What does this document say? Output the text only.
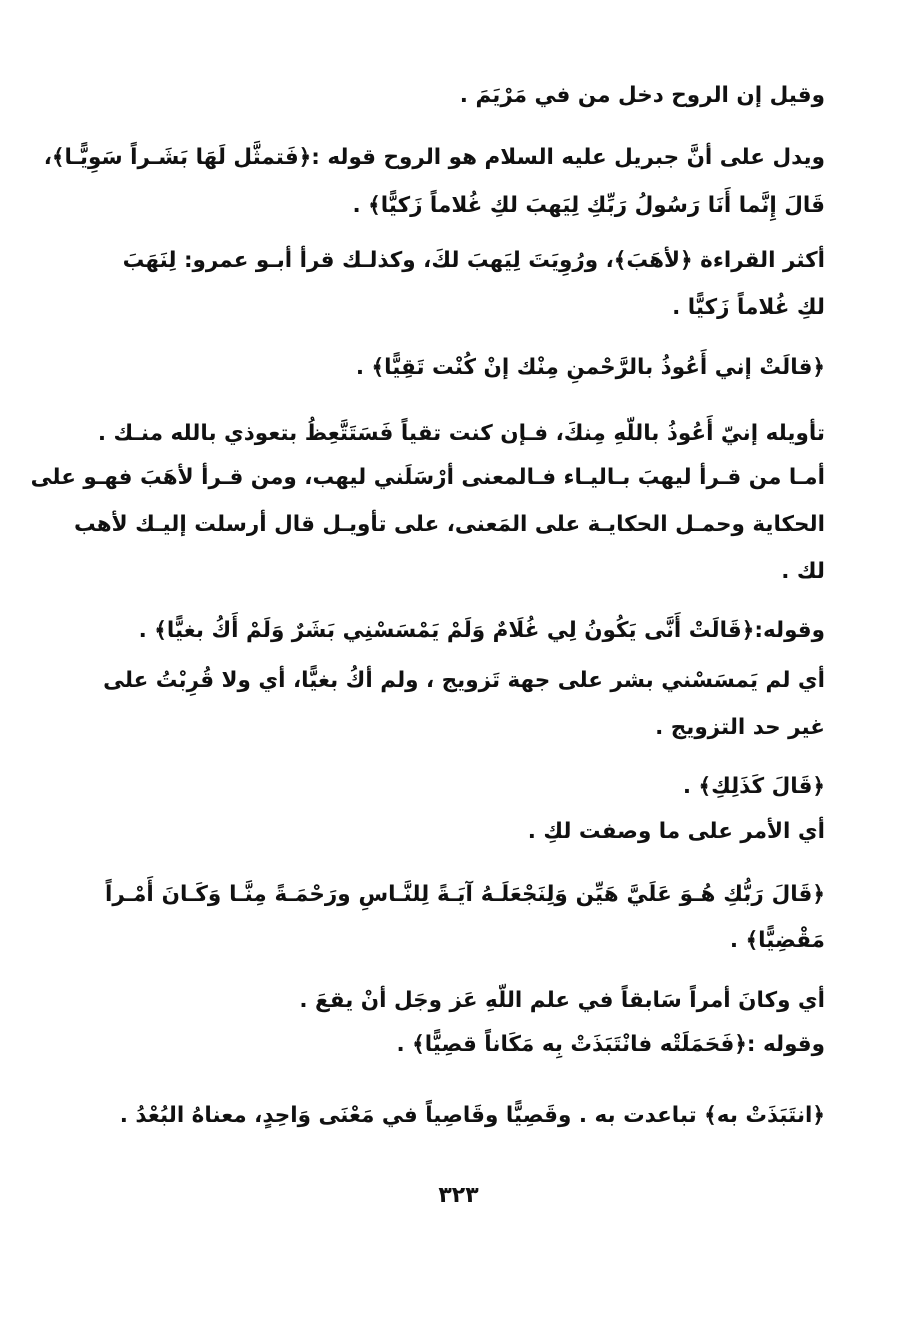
وقيل إن الروح دخل من في مَرْيَمَ .
ويدل على أنَّ جبريل عليه السلام هو الروح قوله :﴿فَتمثَّل لَهَا بَشَـراً سَوِيًّـا﴾،
قَالَ إِنَّما أَنَا رَسُولُ رَبِّكِ لِيَهبَ لكِ غُلاماً زَكيًّا﴾ .
أكثر القراءة ﴿لأهَبَ﴾، ورُوِيَتَ لِيَهبَ لكَ، وكذلـك قرأ أبـو عمرو: لِنَهَبَ
لكِ غُلاماً زَكيًّا .
﴿قالَتْ إني أَعُوذُ بالرَّحْمنِ مِنْك إنْ كُنْت تَقِيًّا﴾ .
تأويله إنيّ أَعُوذُ باللّهِ مِنكَ، فـإن كنت تقياً فَسَتَتَّعِظُ بتعوذي بالله منـك .
أمـا من قـرأ ليهبَ بـاليـاء فـالمعنى أرْسَلَني ليهب، ومن قـرأ لأهَبَ فهـو على
الحكاية وحمـل الحكايـة على المَعنى، على تأويـل قال أرسلت إليـك لأهب
لك .
وقوله:﴿قَالَتْ أَنَّى يَكُونُ لِي غُلَامٌ وَلَمْ يَمْسَسْنِي بَشَرٌ وَلَمْ أَكُ بغيًّا﴾ .
أي لم يَمسَسْني بشر على جهة تَزويج ، ولم أكُ بغيًّا، أي ولا قُرِبْتُ على
غير حد التزويج .
﴿قَالَ كَذَلِكِ﴾ .
أي الأمر على ما وصفت لكِ .
﴿قَالَ رَبُّكِ هُـوَ عَلَيَّ هَيِّن وَلِنَجْعَلَـهُ آيَـةً لِلنَّـاسِ ورَحْمَـةً مِنَّـا وَكَـانَ أَمْـراً
مَقْضِيًّا﴾ .
أي وكانَ أمراً سَابقاً في علم اللّهِ عَز وجَل أنْ يقعَ .
وقوله :﴿فَحَمَلَتْه فانْتَبَذَتْ بِه مَكَاناً قصِيًّا﴾ .
﴿انتَبَذَتْ به﴾ تباعدت به . وقَصِيًّا وقَاصِياً في مَعْنَى وَاحِدٍ، معناهُ البُعْدُ .
٣٢٣
